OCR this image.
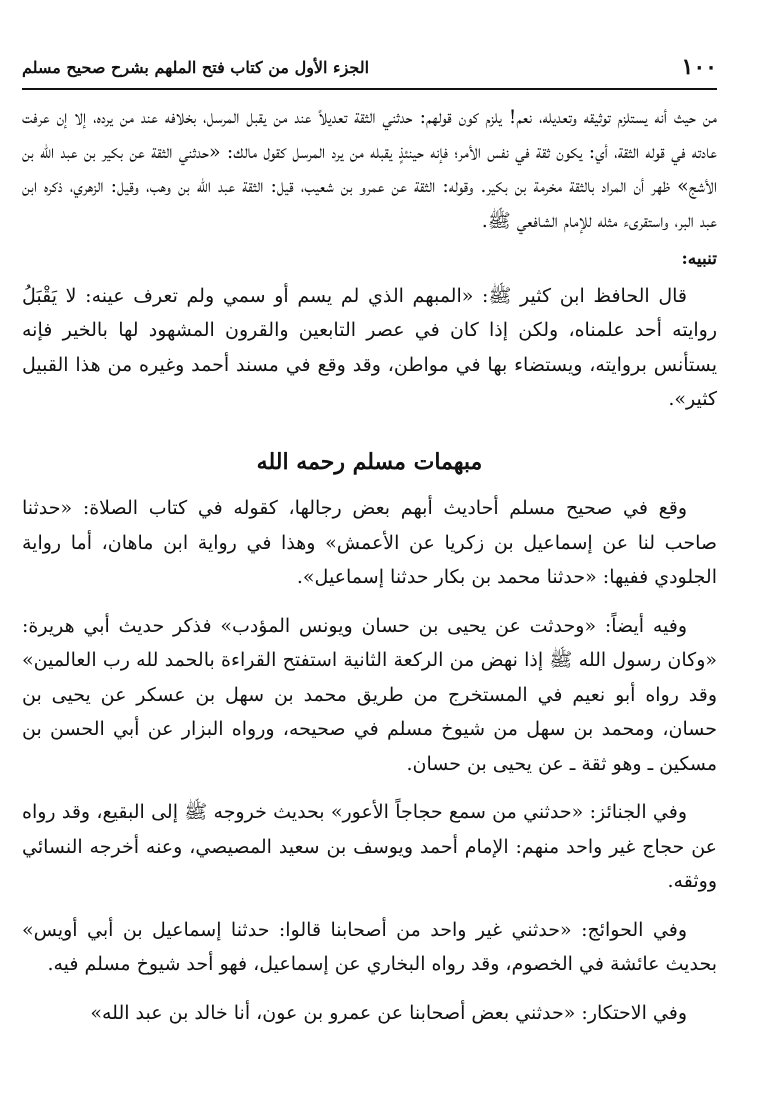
١٠٠
الجزء الأول من كتاب فتح الملهم بشرح صحيح مسلم

من حيث أنه يستلزم توثيقه وتعديله، نعم! يلزم كون قولهم: حدثني الثقة تعديلاً عند من يقبل المرسل، بخلافه عند من يرده، إلا إن عرفت عادته في قوله الثقة، أي: يكون ثقة في نفس الأمر؛ فإنه حينئذٍ يقبله من يرد المرسل كقول مالك: «حدثني الثقة عن بكير بن عبد الله بن الأشج» ظهر أن المراد بالثقة مخرمة بن بكير. وقوله: الثقة عن عمرو بن شعيب، قيل: الثقة عبد الله بن وهب، وقيل: الزهري، ذكره ابن عبد البر، واستقرىء مثله للإمام الشافعي ﷺ.

تنبيه:

قال الحافظ ابن كثير ﷺ: «المبهم الذي لم يسم أو سمي ولم تعرف عينه: لا يَقْبَلُ روايته أحد علمناه، ولكن إذا كان في عصر التابعين والقرون المشهود لها بالخير فإنه يستأنس بروايته، ويستضاء بها في مواطن، وقد وقع في مسند أحمد وغيره من هذا القبيل كثير».

مبهمات مسلم رحمه الله

وقع في صحيح مسلم أحاديث أبهم بعض رجالها، كقوله في كتاب الصلاة: «حدثنا صاحب لنا عن إسماعيل بن زكريا عن الأعمش» وهذا في رواية ابن ماهان، أما رواية الجلودي ففيها: «حدثنا محمد بن بكار حدثنا إسماعيل».

وفيه أيضاً: «وحدثت عن يحيى بن حسان ويونس المؤدب» فذكر حديث أبي هريرة: «وكان رسول الله ﷺ إذا نهض من الركعة الثانية استفتح القراءة بالحمد لله رب العالمين» وقد رواه أبو نعيم في المستخرج من طريق محمد بن سهل بن عسكر عن يحيى بن حسان، ومحمد بن سهل من شيوخ مسلم في صحيحه، ورواه البزار عن أبي الحسن بن مسكين ـ وهو ثقة ـ عن يحيى بن حسان.

وفي الجنائز: «حدثني من سمع حجاجاً الأعور» بحديث خروجه ﷺ إلى البقيع، وقد رواه عن حجاج غير واحد منهم: الإمام أحمد ويوسف بن سعيد المصيصي، وعنه أخرجه النسائي ووثقه.

وفي الحوائج: «حدثني غير واحد من أصحابنا قالوا: حدثنا إسماعيل بن أبي أويس» بحديث عائشة في الخصوم، وقد رواه البخاري عن إسماعيل، فهو أحد شيوخ مسلم فيه.

وفي الاحتكار: «حدثني بعض أصحابنا عن عمرو بن عون، أنا خالد بن عبد الله»
